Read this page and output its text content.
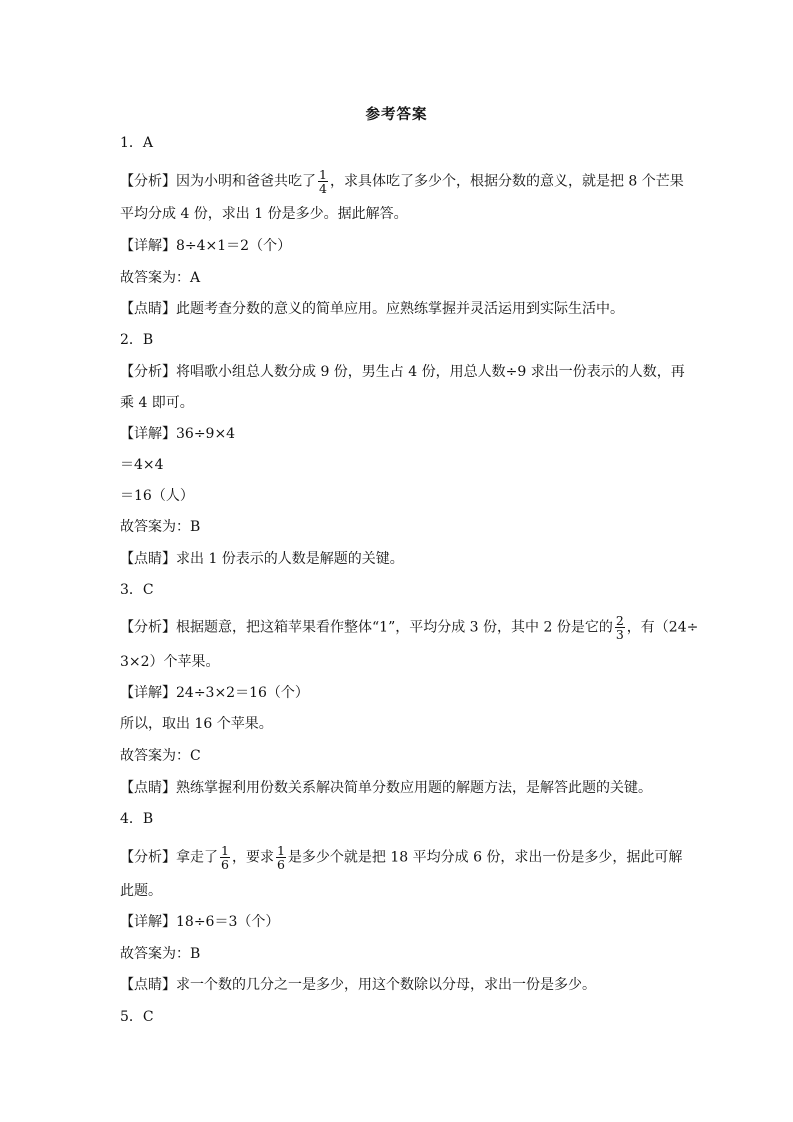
参考答案
1．A
【分析】因为小明和爸爸共吃了 $\frac{1}{4}$ ，求具体吃了多少个，根据分数的意义，就是把 8 个芒果
平均分成 4 份，求出 1 份是多少。据此解答。
【详解】8÷4×1＝2（个）
故答案为：A
【点睛】此题考查分数的意义的简单应用。应熟练掌握并灵活运用到实际生活中。
2．B
【分析】将唱歌小组总人数分成 9 份，男生占 4 份，用总人数÷9 求出一份表示的人数，再
乘 4 即可。
【详解】36÷9×4
＝4×4
＝16（人）
故答案为：B
【点睛】求出 1 份表示的人数是解题的关键。
3．C
【分析】根据题意，把这箱苹果看作整体“1”，平均分成 3 份，其中 2 份是它的 $\frac{2}{3}$ ，有（24÷
3×2）个苹果。
【详解】24÷3×2＝16（个）
所以，取出 16 个苹果。
故答案为：C
【点睛】熟练掌握利用份数关系解决简单分数应用题的解题方法，是解答此题的关键。
4．B
【分析】拿走了 $\frac{1}{6}$ ，要求 $\frac{1}{6}$ 是多少个就是把 18 平均分成 6 份，求出一份是多少，据此可解
此题。
【详解】18÷6＝3（个）
故答案为：B
【点睛】求一个数的几分之一是多少，用这个数除以分母，求出一份是多少。
5．C
